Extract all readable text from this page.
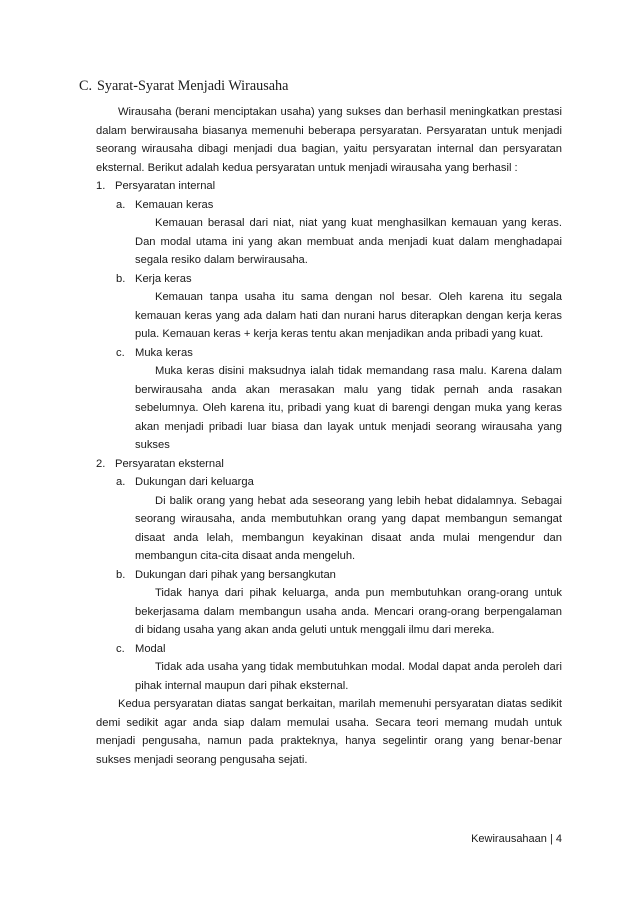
C. Syarat-Syarat Menjadi Wirausaha

Wirausaha (berani menciptakan usaha) yang sukses dan berhasil meningkatkan prestasi dalam berwirausaha biasanya memenuhi beberapa persyaratan. Persyaratan untuk menjadi seorang wirausaha dibagi menjadi dua bagian, yaitu persyaratan internal dan persyaratan eksternal. Berikut adalah kedua persyaratan untuk menjadi wirausaha yang berhasil :

1. Persyaratan internal
a. Kemauan keras

Kemauan berasal dari niat, niat yang kuat menghasilkan kemauan yang keras. Dan modal utama ini yang akan membuat anda menjadi kuat dalam menghadapai segala resiko dalam berwirausaha.

b. Kerja keras

Kemauan tanpa usaha itu sama dengan nol besar. Oleh karena itu segala kemauan keras yang ada dalam hati dan nurani harus diterapkan dengan kerja keras pula. Kemauan keras + kerja keras tentu akan menjadikan anda pribadi yang kuat.

c. Muka keras

Muka keras disini maksudnya ialah tidak memandang rasa malu. Karena dalam berwirausaha anda akan merasakan malu yang tidak pernah anda rasakan sebelumnya. Oleh karena itu, pribadi yang kuat di barengi dengan muka yang keras akan menjadi pribadi luar biasa dan layak untuk menjadi seorang wirausaha yang sukses

2. Persyaratan eksternal
a. Dukungan dari keluarga

Di balik orang yang hebat ada seseorang yang lebih hebat didalamnya. Sebagai seorang wirausaha, anda membutuhkan orang yang dapat membangun semangat disaat anda lelah, membangun keyakinan disaat anda mulai mengendur dan membangun cita-cita disaat anda mengeluh.

b. Dukungan dari pihak yang bersangkutan

Tidak hanya dari pihak keluarga, anda pun membutuhkan orang-orang untuk bekerjasama dalam membangun usaha anda. Mencari orang-orang berpengalaman di bidang usaha yang akan anda geluti untuk menggali ilmu dari mereka.

c. Modal

Tidak ada usaha yang tidak membutuhkan modal. Modal dapat anda peroleh dari pihak internal maupun dari pihak eksternal.

Kedua persyaratan diatas sangat berkaitan, marilah memenuhi persyaratan diatas sedikit demi sedikit agar anda siap dalam memulai usaha. Secara teori memang mudah untuk menjadi pengusaha, namun pada prakteknya, hanya segelintir orang yang benar-benar sukses menjadi seorang pengusaha sejati.

Kewirausahaan | 4
